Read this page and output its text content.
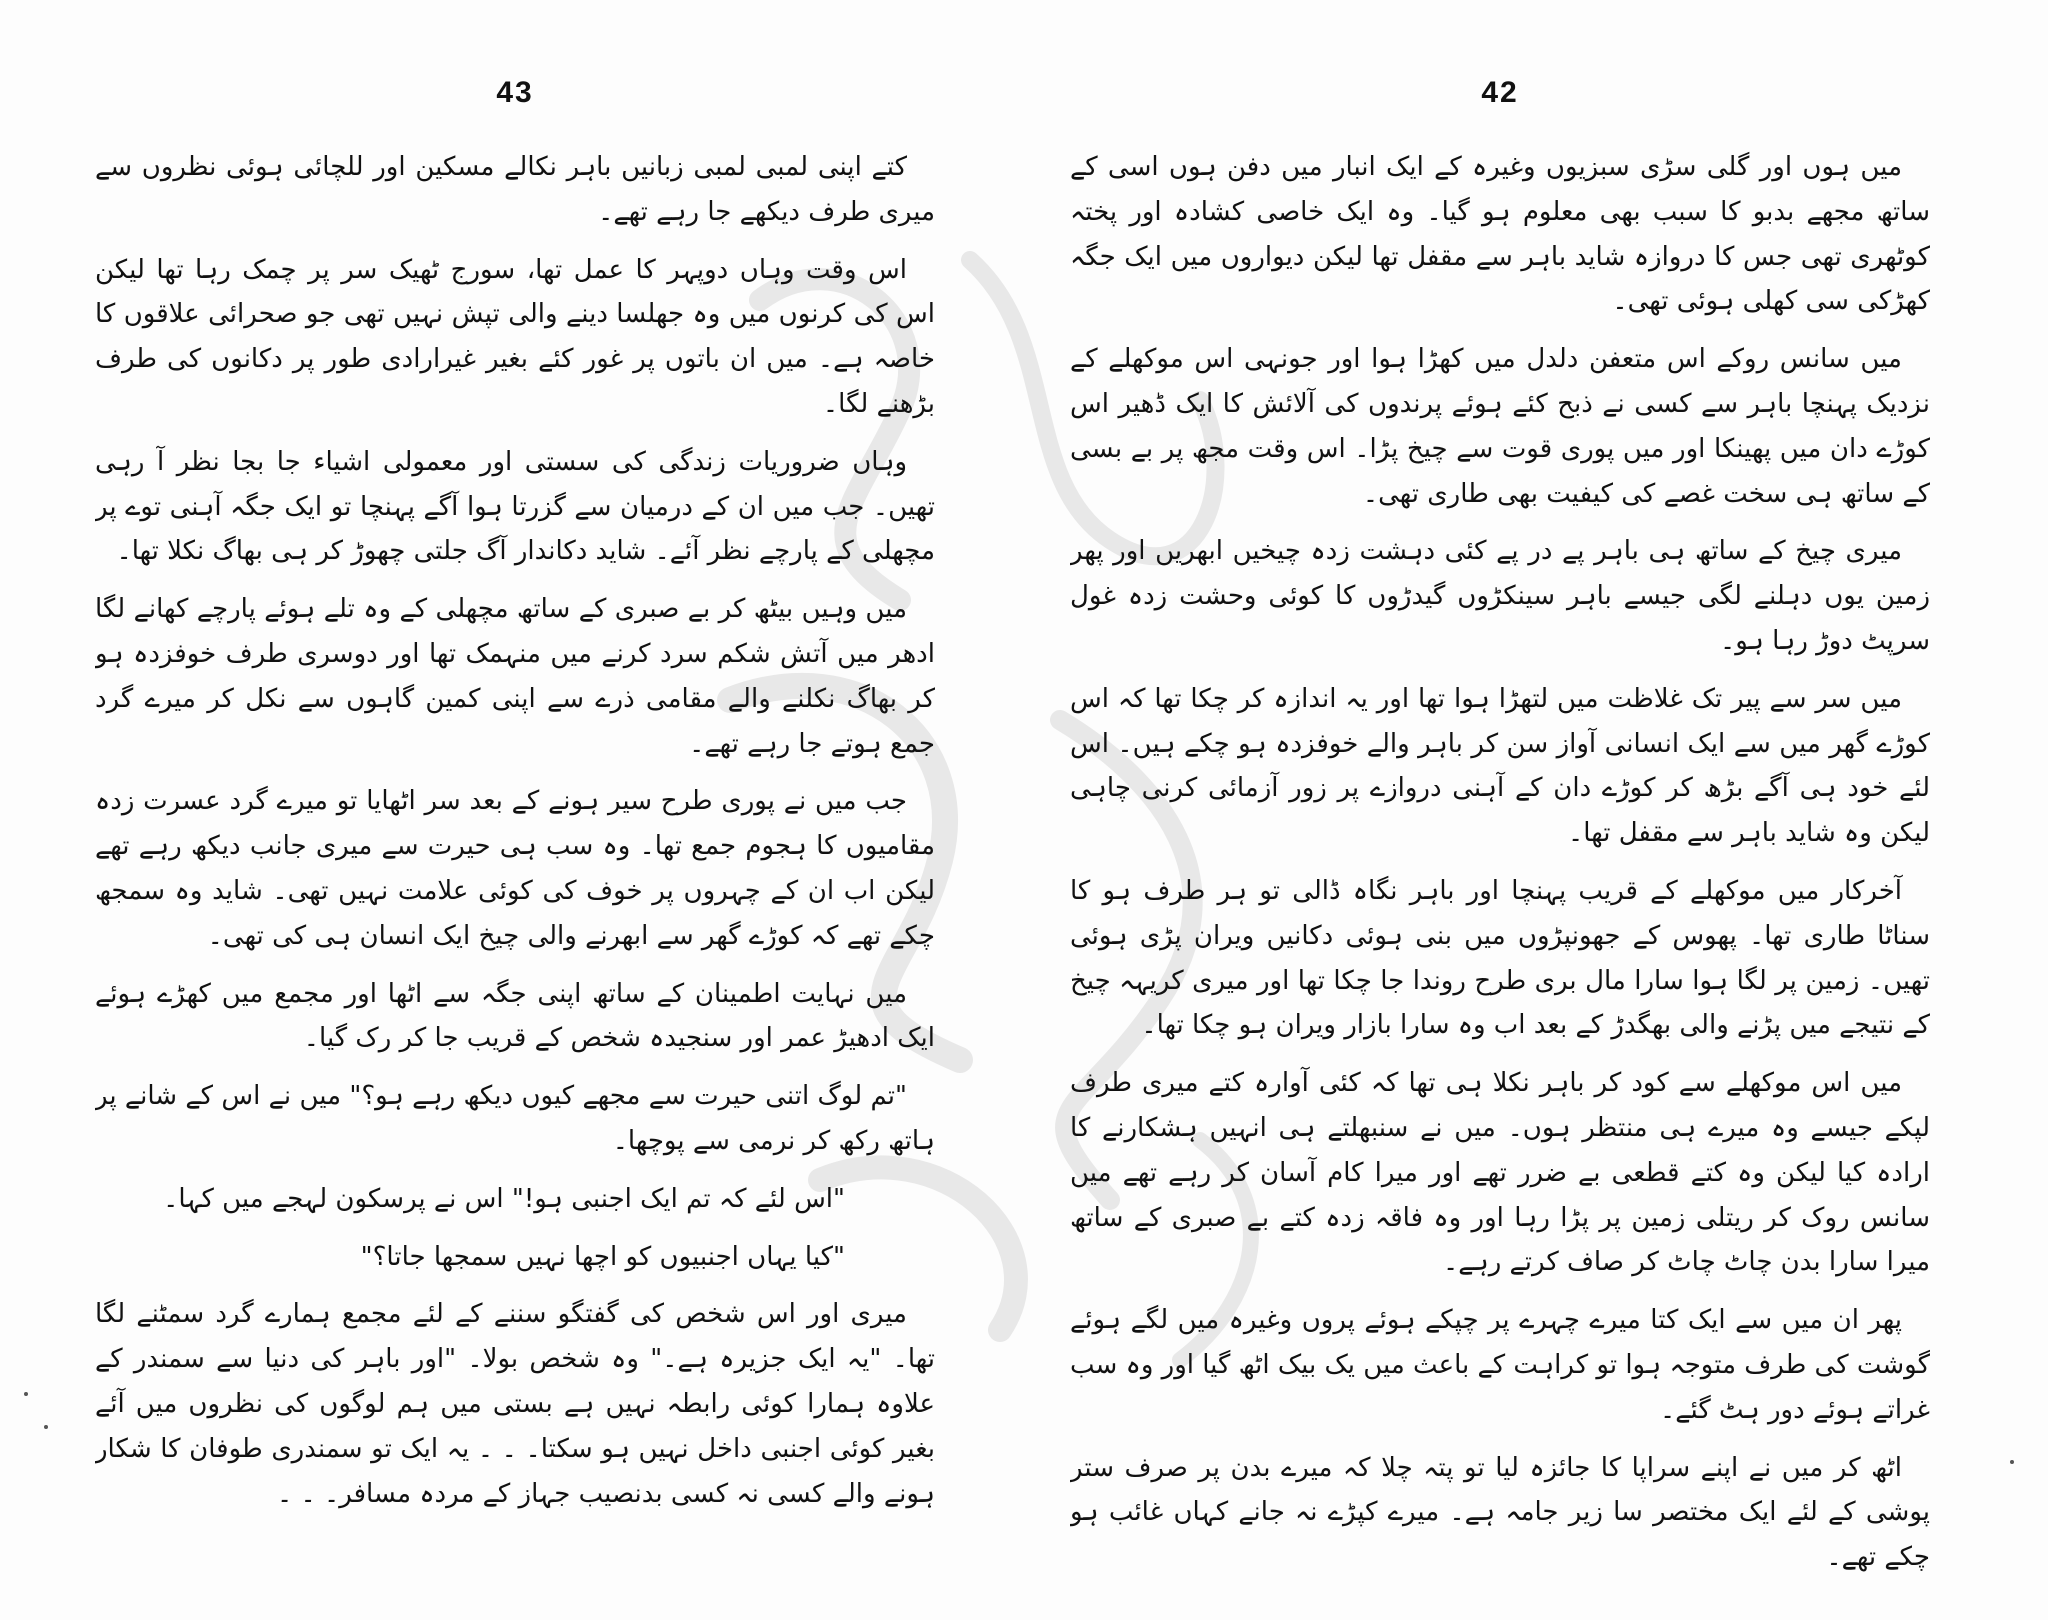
43

کتے اپنی لمبی لمبی زبانیں باہر نکالے مسکین اور للچائی ہوئی نظروں سے میری طرف دیکھے جا رہے تھے۔

اس وقت وہاں دوپہر کا عمل تھا، سورج ٹھیک سر پر چمک رہا تھا لیکن اس کی کرنوں میں وہ جھلسا دینے والی تپش نہیں تھی جو صحرائی علاقوں کا خاصہ ہے۔ میں ان باتوں پر غور کئے بغیر غیرارادی طور پر دکانوں کی طرف بڑھنے لگا۔

وہاں ضروریات زندگی کی سستی اور معمولی اشیاء جا بجا نظر آ رہی تھیں۔ جب میں ان کے درمیان سے گزرتا ہوا آگے پہنچا تو ایک جگہ آہنی توے پر مچھلی کے پارچے نظر آئے۔ شاید دکاندار آگ جلتی چھوڑ کر ہی بھاگ نکلا تھا۔

میں وہیں بیٹھ کر بے صبری کے ساتھ مچھلی کے وہ تلے ہوئے پارچے کھانے لگا ادھر میں آتش شکم سرد کرنے میں منہمک تھا اور دوسری طرف خوفزدہ ہو کر بھاگ نکلنے والے مقامی ذرے سے اپنی کمین گاہوں سے نکل کر میرے گرد جمع ہوتے جا رہے تھے۔

جب میں نے پوری طرح سیر ہونے کے بعد سر اٹھایا تو میرے گرد عسرت زدہ مقامیوں کا ہجوم جمع تھا۔ وہ سب ہی حیرت سے میری جانب دیکھ رہے تھے لیکن اب ان کے چہروں پر خوف کی کوئی علامت نہیں تھی۔ شاید وہ سمجھ چکے تھے کہ کوڑے گھر سے ابھرنے والی چیخ ایک انسان ہی کی تھی۔

میں نہایت اطمینان کے ساتھ اپنی جگہ سے اٹھا اور مجمع میں کھڑے ہوئے ایک ادھیڑ عمر اور سنجیدہ شخص کے قریب جا کر رک گیا۔

"تم لوگ اتنی حیرت سے مجھے کیوں دیکھ رہے ہو؟" میں نے اس کے شانے پر ہاتھ رکھ کر نرمی سے پوچھا۔

"اس لئے کہ تم ایک اجنبی ہو!" اس نے پرسکون لہجے میں کہا۔

"کیا یہاں اجنبیوں کو اچھا نہیں سمجھا جاتا؟"

میری اور اس شخص کی گفتگو سننے کے لئے مجمع ہمارے گرد سمٹنے لگا تھا۔ "یہ ایک جزیرہ ہے۔" وہ شخص بولا۔ "اور باہر کی دنیا سے سمندر کے علاوہ ہمارا کوئی رابطہ نہیں ہے بستی میں ہم لوگوں کی نظروں میں آئے بغیر کوئی اجنبی داخل نہیں ہو سکتا۔ ۔ ۔ یہ ایک تو سمندری طوفان کا شکار ہونے والے کسی نہ کسی بدنصیب جہاز کے مردہ مسافر۔ ۔ ۔

42

میں ہوں اور گلی سڑی سبزیوں وغیرہ کے ایک انبار میں دفن ہوں اسی کے ساتھ مجھے بدبو کا سبب بھی معلوم ہو گیا۔ وہ ایک خاصی کشادہ اور پختہ کوٹھری تھی جس کا دروازہ شاید باہر سے مقفل تھا لیکن دیواروں میں ایک جگہ کھڑکی سی کھلی ہوئی تھی۔

میں سانس روکے اس متعفن دلدل میں کھڑا ہوا اور جونہی اس موکھلے کے نزدیک پہنچا باہر سے کسی نے ذبح کئے ہوئے پرندوں کی آلائش کا ایک ڈھیر اس کوڑے دان میں پھینکا اور میں پوری قوت سے چیخ پڑا۔ اس وقت مجھ پر بے بسی کے ساتھ ہی سخت غصے کی کیفیت بھی طاری تھی۔

میری چیخ کے ساتھ ہی باہر پے در پے کئی دہشت زدہ چیخیں ابھریں اور پھر زمین یوں دہلنے لگی جیسے باہر سینکڑوں گیدڑوں کا کوئی وحشت زدہ غول سرپٹ دوڑ رہا ہو۔

میں سر سے پیر تک غلاظت میں لتھڑا ہوا تھا اور یہ اندازہ کر چکا تھا کہ اس کوڑے گھر میں سے ایک انسانی آواز سن کر باہر والے خوفزدہ ہو چکے ہیں۔ اس لئے خود ہی آگے بڑھ کر کوڑے دان کے آہنی دروازے پر زور آزمائی کرنی چاہی لیکن وہ شاید باہر سے مقفل تھا۔

آخرکار میں موکھلے کے قریب پہنچا اور باہر نگاہ ڈالی تو ہر طرف ہو کا سناٹا طاری تھا۔ پھوس کے جھونپڑوں میں بنی ہوئی دکانیں ویران پڑی ہوئی تھیں۔ زمین پر لگا ہوا سارا مال بری طرح روندا جا چکا تھا اور میری کریہہ چیخ کے نتیجے میں پڑنے والی بھگدڑ کے بعد اب وہ سارا بازار ویران ہو چکا تھا۔

میں اس موکھلے سے کود کر باہر نکلا ہی تھا کہ کئی آوارہ کتے میری طرف لپکے جیسے وہ میرے ہی منتظر ہوں۔ میں نے سنبھلتے ہی انہیں ہشکارنے کا ارادہ کیا لیکن وہ کتے قطعی بے ضرر تھے اور میرا کام آسان کر رہے تھے میں سانس روک کر ریتلی زمین پر پڑا رہا اور وہ فاقہ زدہ کتے بے صبری کے ساتھ میرا سارا بدن چاٹ چاٹ کر صاف کرتے رہے۔

پھر ان میں سے ایک کتا میرے چہرے پر چپکے ہوئے پروں وغیرہ میں لگے ہوئے گوشت کی طرف متوجہ ہوا تو کراہت کے باعث میں یک بیک اٹھ گیا اور وہ سب غراتے ہوئے دور ہٹ گئے۔

اٹھ کر میں نے اپنے سراپا کا جائزہ لیا تو پتہ چلا کہ میرے بدن پر صرف ستر پوشی کے لئے ایک مختصر سا زیر جامہ ہے۔ میرے کپڑے نہ جانے کہاں غائب ہو چکے تھے۔
